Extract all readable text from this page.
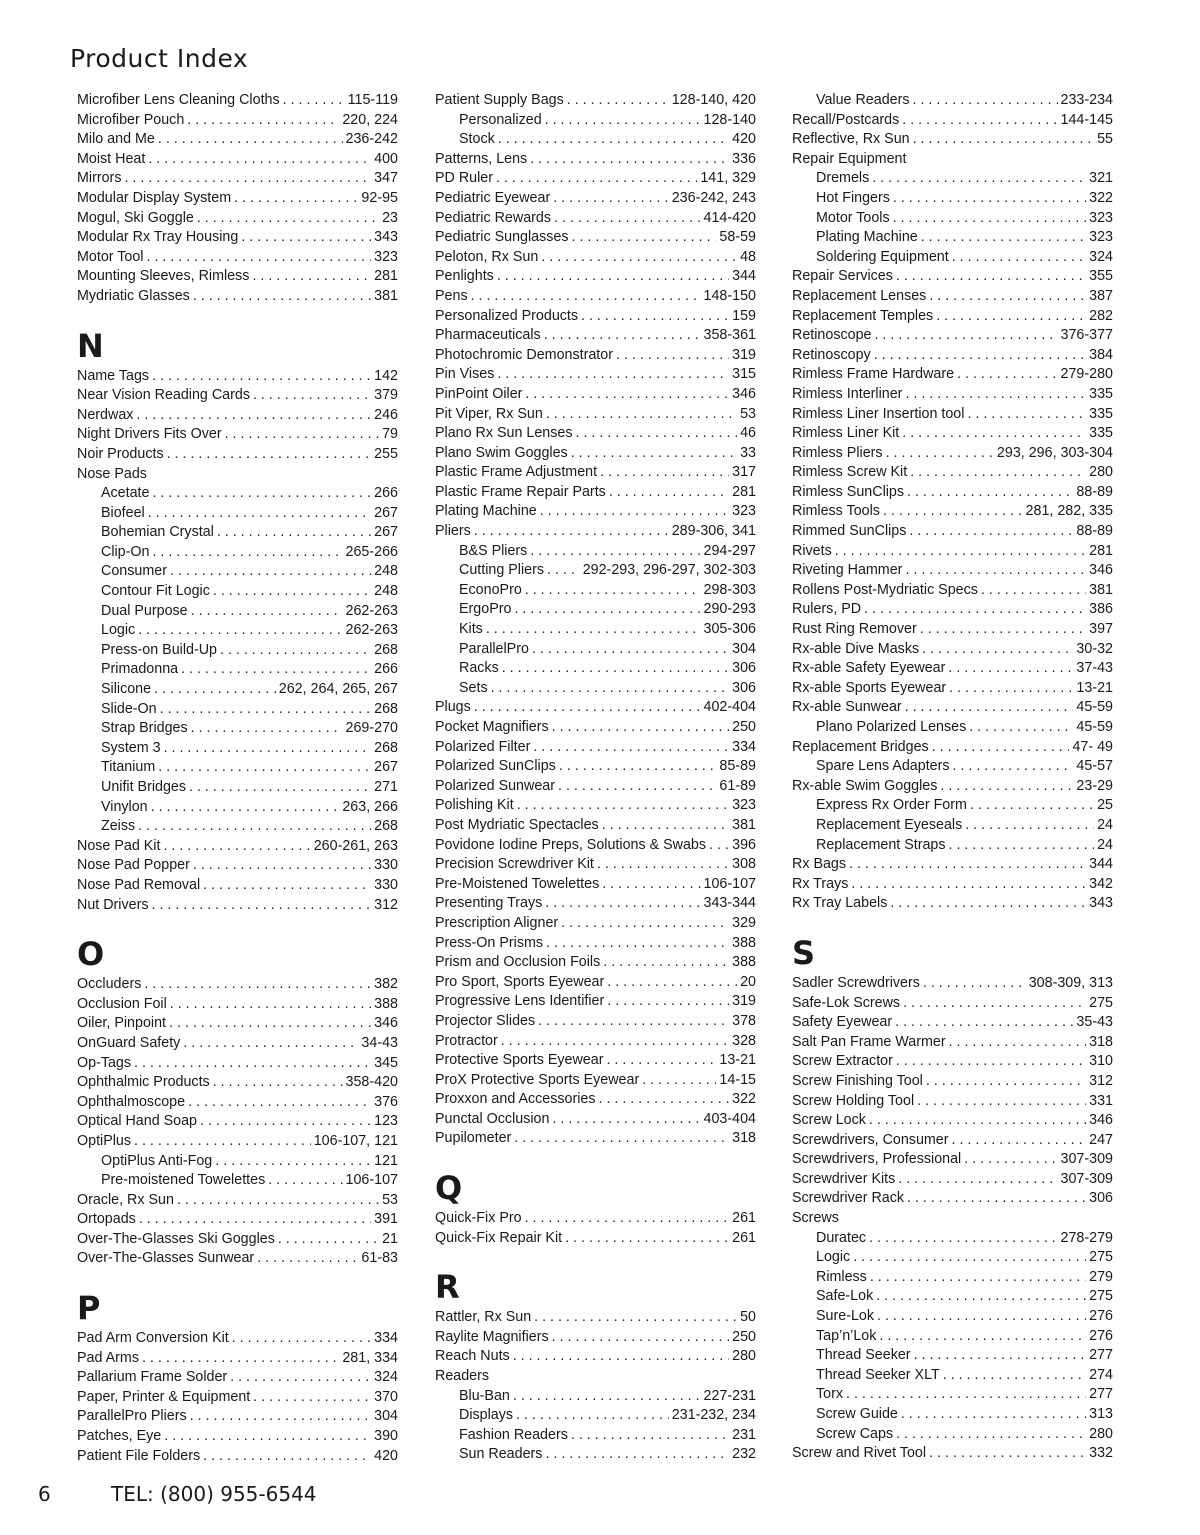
Product Index
Microfiber Lens Cleaning Cloths . . .	115-119
Microfiber Pouch . . .	220, 224
Milo and Me . . .	236-242
Moist Heat . . .	400
Mirrors . . .	347
Modular Display System . . .	92-95
Mogul, Ski Goggle . . .	23
Modular Rx Tray Housing . . .	343
Motor Tool . . .	323
Mounting Sleeves, Rimless . . .	281
Mydriatic Glasses . . .	381
N
Name Tags . . .	142
Near Vision Reading Cards . . .	379
Nerdwax . . .	246
Night Drivers Fits Over . . .	79
Noir Products . . .	255
Nose Pads
Acetate . . .	266
Biofeel . . .	267
Bohemian Crystal . . .	267
Clip-On . . .	265-266
Consumer . . .	248
Contour Fit Logic . . .	248
Dual Purpose . . .	262-263
Logic . . .	262-263
Press-on Build-Up . . .	268
Primadonna . . .	266
Silicone . . .	262, 264, 265, 267
Slide-On . . .	268
Strap Bridges . . .	269-270
System 3 . . .	268
Titanium . . .	267
Unifit Bridges . . .	271
Vinylon . . .	263, 266
Zeiss . . .	268
Nose Pad Kit . . .	260-261, 263
Nose Pad Popper . . .	330
Nose Pad Removal . . .	330
Nut Drivers . . .	312
O
Occluders . . .	382
Occlusion Foil . . .	388
Oiler, Pinpoint . . .	346
OnGuard Safety . . .	34-43
Op-Tags . . .	345
Ophthalmic Products . . .	358-420
Ophthalmoscope . . .	376
Optical Hand Soap . . .	123
OptiPlus . . .	106-107, 121
OptiPlus Anti-Fog . . .	121
Pre-moistened Towelettes . . .	106-107
Oracle, Rx Sun . . .	53
Ortopads . . .	391
Over-The-Glasses Ski Goggles . . .	21
Over-The-Glasses Sunwear . . .	61-83
P
Pad Arm Conversion Kit . . .	334
Pad Arms . . .	281, 334
Pallarium Frame Solder . . .	324
Paper, Printer & Equipment . . .	370
ParallelPro Pliers . . .	304
Patches, Eye . . .	390
Patient File Folders . . .	420
Patient Supply Bags . . .	128-140, 420
Personalized . . .	128-140
Stock . . .	420
Patterns, Lens . . .	336
PD Ruler . . .	141, 329
Pediatric Eyewear . . .	236-242, 243
Pediatric Rewards . . .	414-420
Pediatric Sunglasses . . .	58-59
Peloton, Rx Sun . . .	48
Penlights . . .	344
Pens . . .	148-150
Personalized Products . . .	159
Pharmaceuticals . . .	358-361
Photochromic Demonstrator . . .	319
Pin Vises . . .	315
PinPoint Oiler . . .	346
Pit Viper, Rx Sun . . .	53
Plano Rx Sun Lenses . . .	46
Plano Swim Goggles . . .	33
Plastic Frame Adjustment . . .	317
Plastic Frame Repair Parts . . .	281
Plating Machine . . .	323
Pliers . . .	289-306, 341
B&S Pliers . . .	294-297
Cutting Pliers . . .	292-293, 296-297, 302-303
EconoPro . . .	298-303
ErgoPro . . .	290-293
Kits . . .	305-306
ParallelPro . . .	304
Racks . . .	306
Sets . . .	306
Plugs . . .	402-404
Pocket Magnifiers . . .	250
Polarized Filter . . .	334
Polarized SunClips . . .	85-89
Polarized Sunwear . . .	61-89
Polishing Kit . . .	323
Post Mydriatic Spectacles . . .	381
Povidone Iodine Preps, Solutions & Swabs . . . 396
Precision Screwdriver Kit . . .	308
Pre-Moistened Towelettes . . .	106-107
Presenting Trays . . .	343-344
Prescription Aligner . . .	329
Press-On Prisms . . .	388
Prism and Occlusion Foils . . .	388
Pro Sport, Sports Eyewear . . .	20
Progressive Lens Identifier . . .	319
Projector Slides . . .	378
Protractor . . .	328
Protective Sports Eyewear . . .	13-21
ProX Protective Sports Eyewear . . .	14-15
Proxxon and Accessories . . .	322
Punctal Occlusion . . .	403-404
Pupilometer . . .	318
Q
Quick-Fix Pro . . .	261
Quick-Fix Repair Kit . . .	261
R
Rattler, Rx Sun . . .	50
Raylite Magnifiers . . .	250
Reach Nuts . . .	280
Readers
Blu-Ban . . .	227-231
Displays . . .	231-232, 234
Fashion Readers . . .	231
Sun Readers . . .	232
Value Readers . . .	233-234
Recall/Postcards . . .	144-145
Reflective, Rx Sun . . .	55
Repair Equipment
Dremels . . .	321
Hot Fingers . . .	322
Motor Tools . . .	323
Plating Machine . . .	323
Soldering Equipment . . .	324
Repair Services . . .	355
Replacement Lenses . . .	387
Replacement Temples . . .	282
Retinoscope . . .	376-377
Retinoscopy . . .	384
Rimless Frame Hardware . . .	279-280
Rimless Interliner . . .	335
Rimless Liner Insertion tool . . .	335
Rimless Liner Kit . . .	335
Rimless Pliers . . .	293, 296, 303-304
Rimless Screw Kit . . .	280
Rimless SunClips . . .	88-89
Rimless Tools . . .	281, 282, 335
Rimmed SunClips . . .	88-89
Rivets . . .	281
Riveting Hammer . . .	346
Rollens Post-Mydriatic Specs . . .	381
Rulers, PD . . .	386
Rust Ring Remover . . .	397
Rx-able Dive Masks . . .	30-32
Rx-able Safety Eyewear . . .	37-43
Rx-able Sports Eyewear . . .	13-21
Rx-able Sunwear . . .	45-59
Plano Polarized Lenses . . .	45-59
Replacement Bridges . . .	47- 49
Spare Lens Adapters . . .	45-57
Rx-able Swim Goggles . . .	23-29
Express Rx Order Form . . .	25
Replacement Eyeseals . . .	24
Replacement Straps . . .	24
Rx Bags . . .	344
Rx Trays . . .	342
Rx Tray Labels . . .	343
S
Sadler Screwdrivers . . .	308-309, 313
Safe-Lok Screws . . .	275
Safety Eyewear . . .	35-43
Salt Pan Frame Warmer . . .	318
Screw Extractor . . .	310
Screw Finishing Tool . . .	312
Screw Holding Tool . . .	331
Screw Lock . . .	346
Screwdrivers, Consumer . . .	247
Screwdrivers, Professional . . .	307-309
Screwdriver Kits . . .	307-309
Screwdriver Rack . . .	306
Screws
Duratec . . .	278-279
Logic . . .	275
Rimless . . .	279
Safe-Lok . . .	275
Sure-Lok . . .	276
Tap’n’Lok . . .	276
Thread Seeker . . .	277
Thread Seeker XLT . . .	274
Torx . . .	277
Screw Guide . . .	313
Screw Caps . . .	280
Screw and Rivet Tool . . .	332
6	TEL: (800) 955-6544
